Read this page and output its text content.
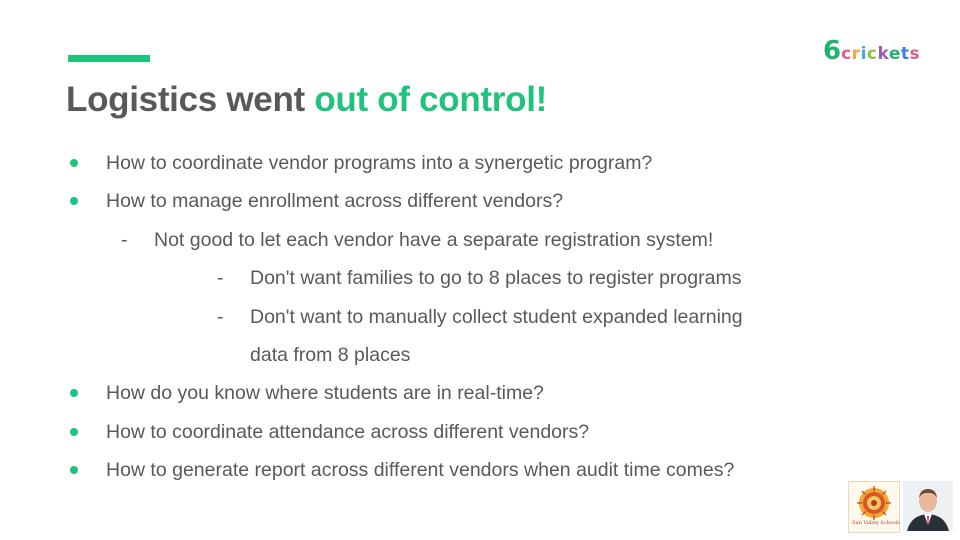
6crickets
Logistics went out of control!
How to coordinate vendor programs into a synergetic program?
How to manage enrollment across different vendors?
- Not good to let each vendor have a separate registration system!
- Don't want families to go to 8 places to register programs
- Don't want to manually collect student expanded learning
data from 8 places
How do you know where students are in real-time?
How to coordinate attendance across different vendors?
How to generate report across different vendors when audit time comes?
Sun Valley Schools
